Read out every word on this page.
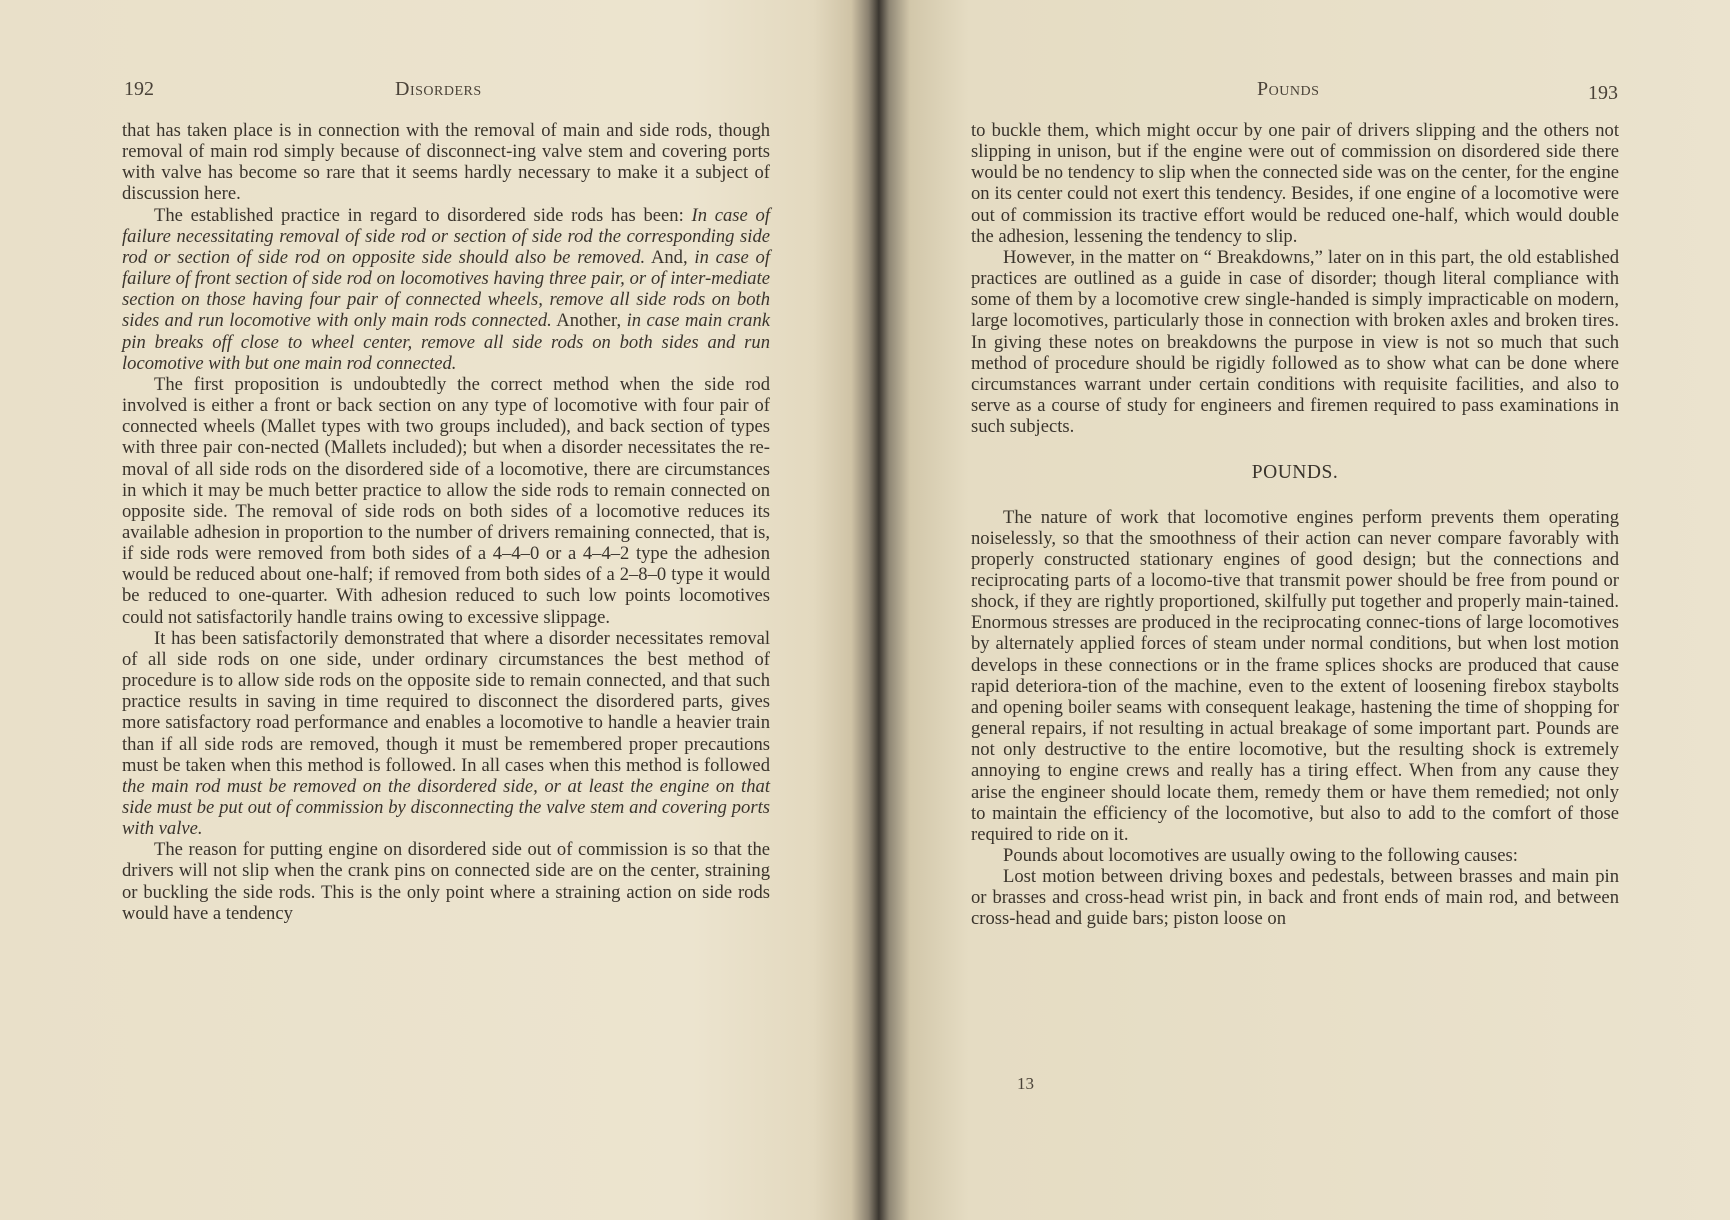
192	Disorders

that has taken place is in connection with the removal of main and side rods, though removal of main rod simply because of disconnect-ing valve stem and covering ports with valve has become so rare that it seems hardly necessary to make it a subject of discussion here.

The established practice in regard to disordered side rods has been: In case of failure necessitating removal of side rod or section of side rod the corresponding side rod or section of side rod on opposite side should also be removed. And, in case of failure of front section of side rod on locomotives having three pair, or of inter-mediate section on those having four pair of connected wheels, remove all side rods on both sides and run locomotive with only main rods connected. Another, in case main crank pin breaks off close to wheel center, remove all side rods on both sides and run locomotive with but one main rod connected.

The first proposition is undoubtedly the correct method when the side rod involved is either a front or back section on any type of locomotive with four pair of connected wheels (Mallet types with two groups included), and back section of types with three pair con-nected (Mallets included); but when a disorder necessitates the re-moval of all side rods on the disordered side of a locomotive, there are circumstances in which it may be much better practice to allow the side rods to remain connected on opposite side. The removal of side rods on both sides of a locomotive reduces its available adhesion in proportion to the number of drivers remaining connected, that is, if side rods were removed from both sides of a 4–4–0 or a 4–4–2 type the adhesion would be reduced about one-half; if removed from both sides of a 2–8–0 type it would be reduced to one-quarter. With adhesion reduced to such low points locomotives could not satisfactorily handle trains owing to excessive slippage.

It has been satisfactorily demonstrated that where a disorder necessitates removal of all side rods on one side, under ordinary circumstances the best method of procedure is to allow side rods on the opposite side to remain connected, and that such practice results in saving in time required to disconnect the disordered parts, gives more satisfactory road performance and enables a locomotive to handle a heavier train than if all side rods are removed, though it must be remembered proper precautions must be taken when this method is followed. In all cases when this method is followed the main rod must be removed on the disordered side, or at least the engine on that side must be put out of commission by disconnecting the valve stem and covering ports with valve.

The reason for putting engine on disordered side out of commission is so that the drivers will not slip when the crank pins on connected side are on the center, straining or buckling the side rods. This is the only point where a straining action on side rods would have a tendency

Pounds	193

to buckle them, which might occur by one pair of drivers slipping and the others not slipping in unison, but if the engine were out of commission on disordered side there would be no tendency to slip when the connected side was on the center, for the engine on its center could not exert this tendency. Besides, if one engine of a locomotive were out of commission its tractive effort would be reduced one-half, which would double the adhesion, lessening the tendency to slip.

However, in the matter on “ Breakdowns,” later on in this part, the old established practices are outlined as a guide in case of disorder; though literal compliance with some of them by a locomotive crew single-handed is simply impracticable on modern, large locomotives, particularly those in connection with broken axles and broken tires. In giving these notes on breakdowns the purpose in view is not so much that such method of procedure should be rigidly followed as to show what can be done where circumstances warrant under certain conditions with requisite facilities, and also to serve as a course of study for engineers and firemen required to pass examinations in such subjects.

POUNDS.

The nature of work that locomotive engines perform prevents them operating noiselessly, so that the smoothness of their action can never compare favorably with properly constructed stationary engines of good design; but the connections and reciprocating parts of a locomo-tive that transmit power should be free from pound or shock, if they are rightly proportioned, skilfully put together and properly main-tained. Enormous stresses are produced in the reciprocating connec-tions of large locomotives by alternately applied forces of steam under normal conditions, but when lost motion develops in these connections or in the frame splices shocks are produced that cause rapid deteriora-tion of the machine, even to the extent of loosening firebox staybolts and opening boiler seams with consequent leakage, hastening the time of shopping for general repairs, if not resulting in actual breakage of some important part. Pounds are not only destructive to the entire locomotive, but the resulting shock is extremely annoying to engine crews and really has a tiring effect. When from any cause they arise the engineer should locate them, remedy them or have them remedied; not only to maintain the efficiency of the locomotive, but also to add to the comfort of those required to ride on it.

Pounds about locomotives are usually owing to the following causes:

Lost motion between driving boxes and pedestals, between brasses and main pin or brasses and cross-head wrist pin, in back and front ends of main rod, and between cross-head and guide bars; piston loose on

13
